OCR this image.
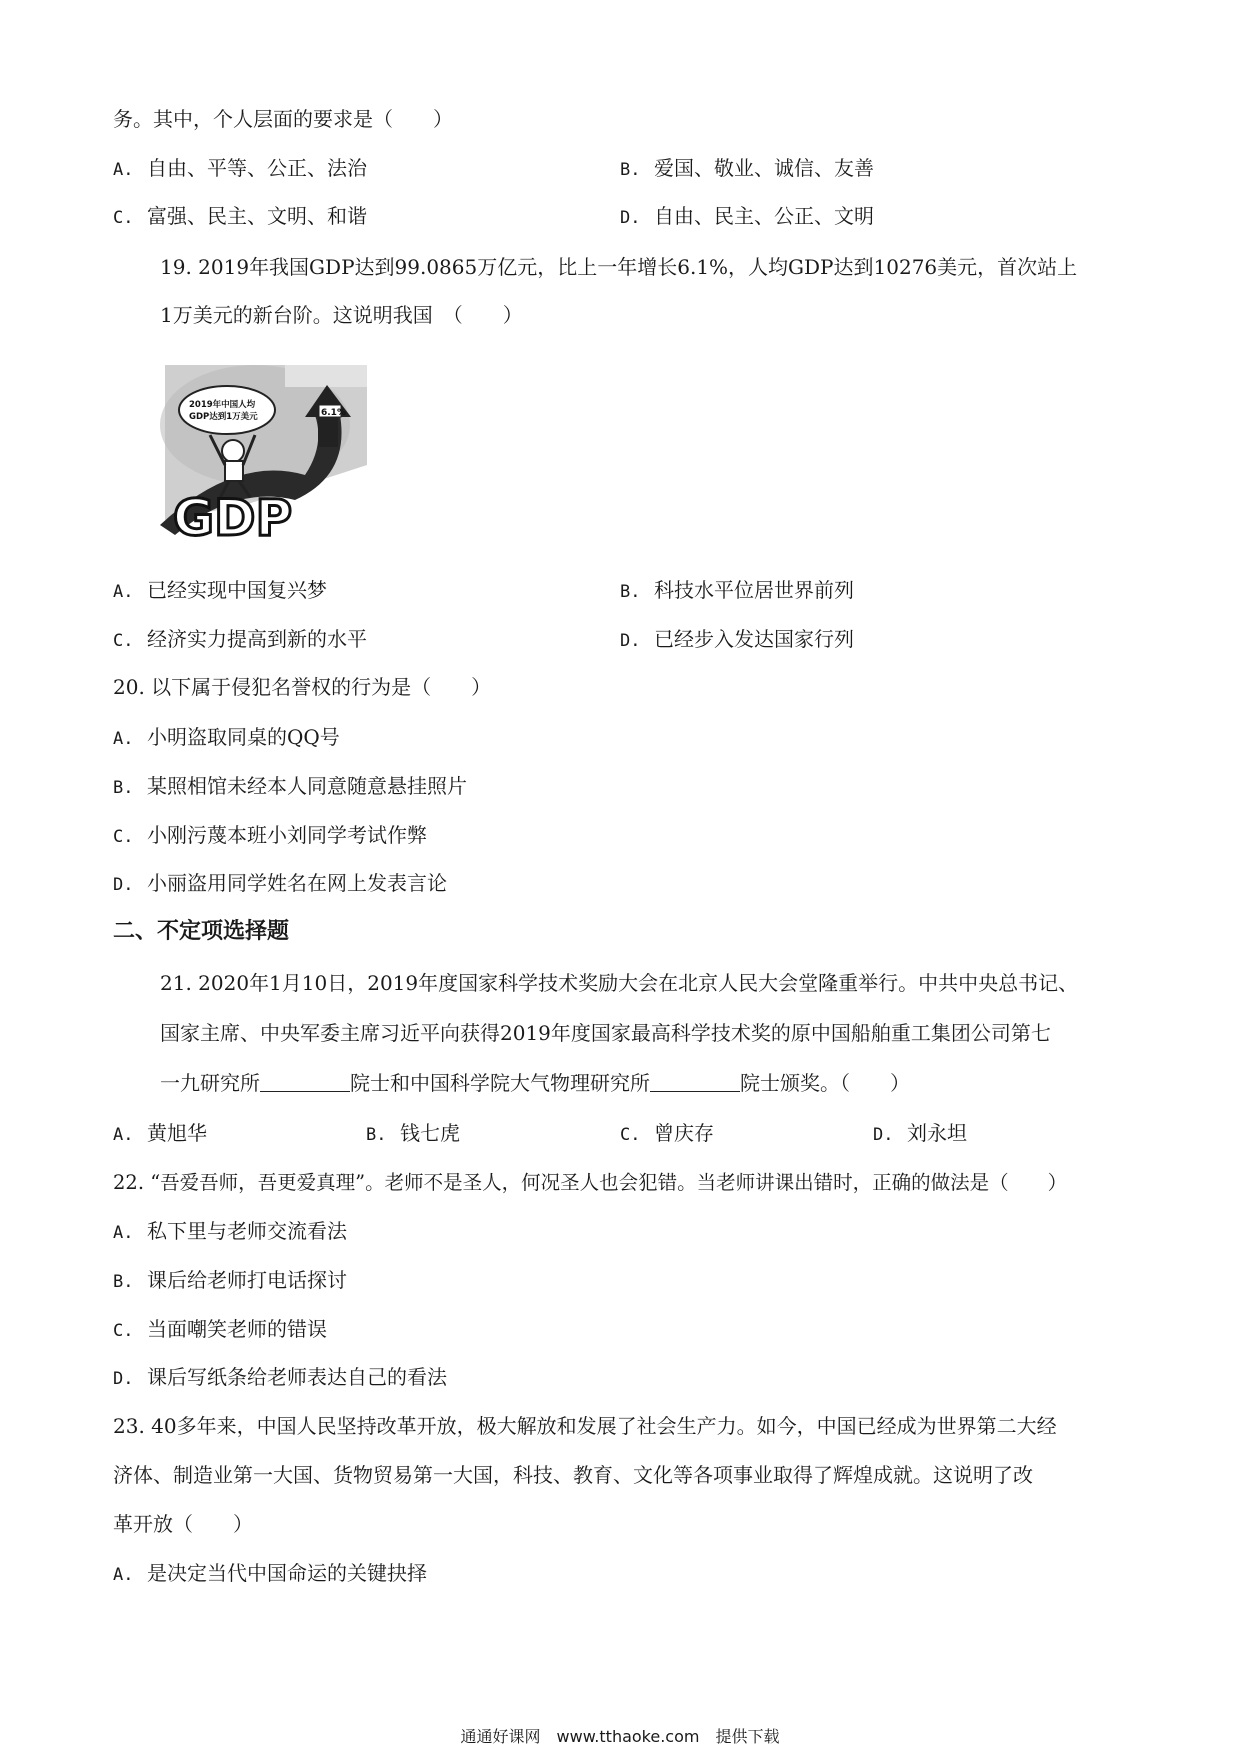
务。其中，个人层面的要求是（　　）
A. 自由、平等、公正、法治	B. 爱国、敬业、诚信、友善
C. 富强、民主、文明、和谐	D. 自由、民主、公正、文明
19. 2019年我国GDP达到99.0865万亿元，比上一年增长6.1%，人均GDP达到10276美元，首次站上
1万美元的新台阶。这说明我国　（　　）
6.1%
2019年中国人均
GDP达到1万美元
GDP
A. 已经实现中国复兴梦	B. 科技水平位居世界前列
C. 经济实力提高到新的水平	D. 已经步入发达国家行列
20. 以下属于侵犯名誉权的行为是（　　）
A. 小明盗取同桌的QQ号
B. 某照相馆未经本人同意随意悬挂照片
C. 小刚污蔑本班小刘同学考试作弊
D. 小丽盗用同学姓名在网上发表言论
二、不定项选择题
21. 2020年1月10日，2019年度国家科学技术奖励大会在北京人民大会堂隆重举行。中共中央总书记、
国家主席、中央军委主席习近平向获得2019年度国家最高科学技术奖的原中国船舶重工集团公司第七
一九研究所	院士和中国科学院大气物理研究所	院士颁奖。（　　）
A. 黄旭华	B. 钱七虎	C. 曾庆存	D. 刘永坦
22. “吾爱吾师，吾更爱真理”。老师不是圣人，何况圣人也会犯错。当老师讲课出错时，正确的做法是（　　）
A. 私下里与老师交流看法
B. 课后给老师打电话探讨
C. 当面嘲笑老师的错误
D. 课后写纸条给老师表达自己的看法
23. 40多年来，中国人民坚持改革开放，极大解放和发展了社会生产力。如今，中国已经成为世界第二大经
济体、制造业第一大国、货物贸易第一大国，科技、教育、文化等各项事业取得了辉煌成就。这说明了改
革开放（　　）
A. 是决定当代中国命运的关键抉择
通通好课网　www.tthaoke.com　提供下载
